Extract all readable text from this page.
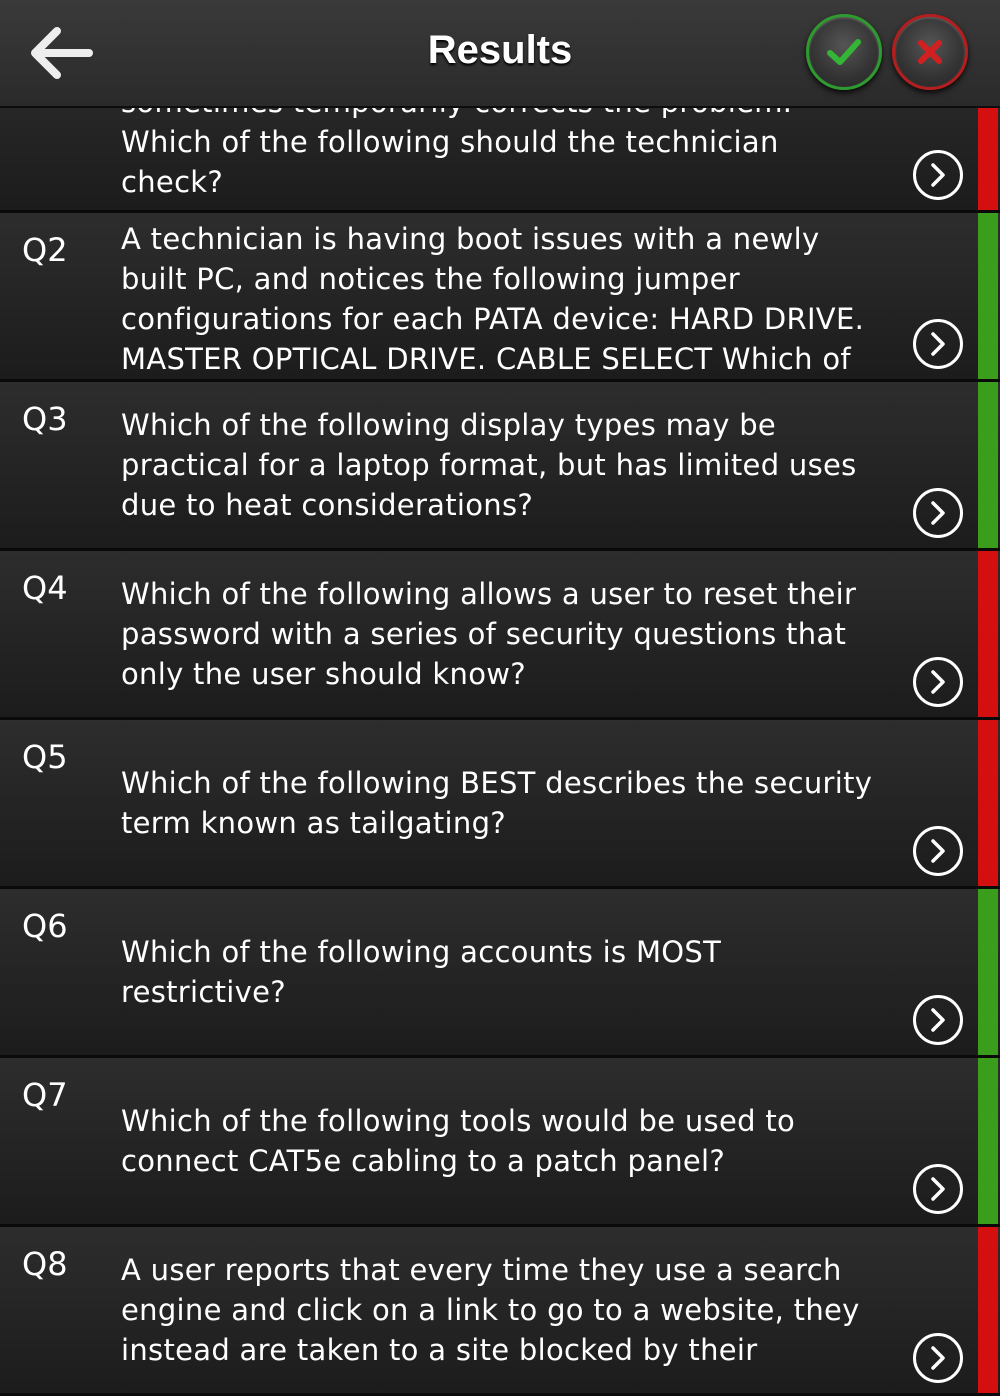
Results
Which of the following should the technician check?
Q2 A technician is having boot issues with a newly built PC, and notices the following jumper configurations for each PATA device: HARD DRIVE. MASTER OPTICAL DRIVE. CABLE SELECT Which of
Q3 Which of the following display types may be practical for a laptop format, but has limited uses due to heat considerations?
Q4 Which of the following allows a user to reset their password with a series of security questions that only the user should know?
Q5
Which of the following BEST describes the security term known as tailgating?
Q6
Which of the following accounts is MOST restrictive?
Q7
Which of the following tools would be used to connect CAT5e cabling to a patch panel?
Q8 A user reports that every time they use a search engine and click on a link to go to a website, they instead are taken to a site blocked by their
